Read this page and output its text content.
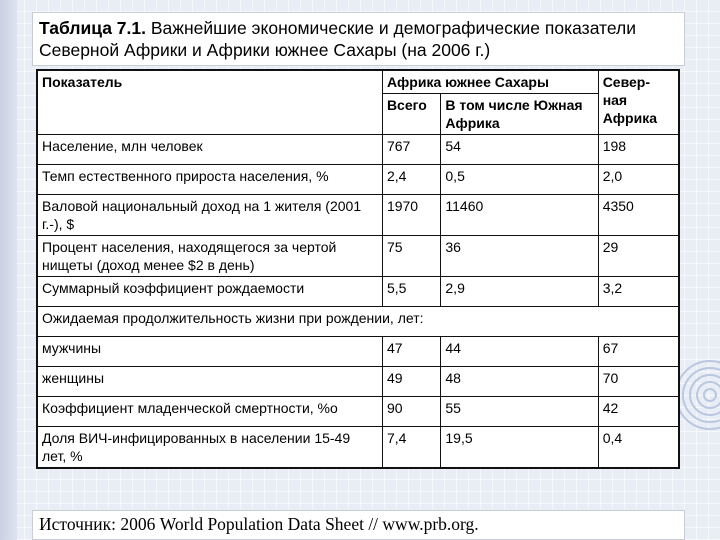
Таблица 7.1. Важнейшие экономические и демографические показатели Северной Африки и Африки южнее Сахары (на 2006 г.)
Показатель	Африка южнее Сахары		Север-ная Африка
	Всего	В том числе Южная Африка	
Население, млн человек	767	54	198
Темп естественного прироста населения, %	2,4	0,5	2,0
Валовой национальный доход на 1 жителя (2001 г.-), $	1970	11460	4350
Процент населения, находящегося за чертой нищеты (доход менее $2 в день)	75	36	29
Суммарный коэффициент рождаемости	5,5	2,9	3,2
Ожидаемая продолжительность жизни при рождении, лет:			
мужчины	47	44	67
женщины	49	48	70
Коэффициент младенческой смертности, %о	90	55	42
Доля ВИЧ-инфицированных в населении 15-49 лет, %	7,4	19,5	0,4
Источник: 2006 World Population Data Sheet // www.prb.org.
